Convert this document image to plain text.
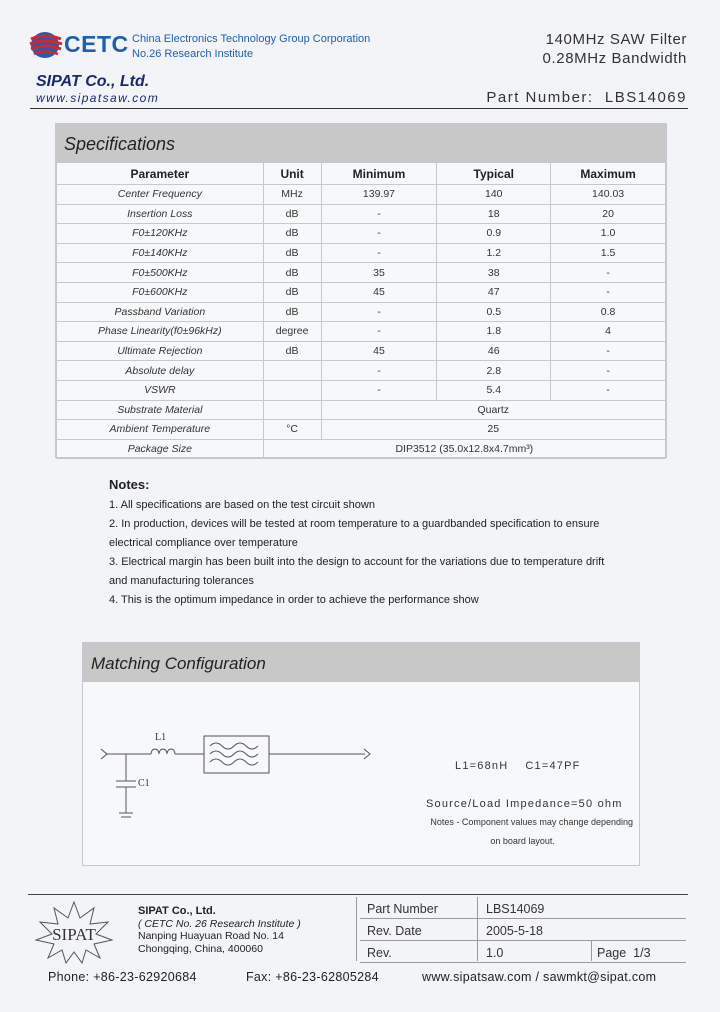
CETC China Electronics Technology Group Corporation
No.26 Research Institute
SIPAT Co., Ltd.
www.sipatsaw.com
140MHz SAW Filter
0.28MHz Bandwidth
Part Number: LBS14069
Specifications
Parameter	Unit	Minimum	Typical	Maximum
Center Frequency	MHz	139.97	140	140.03
Insertion Loss	dB	-	18	20
F0±120KHz	dB	-	0.9	1.0
F0±140KHz	dB	-	1.2	1.5
F0±500KHz	dB	35	38	-
F0±600KHz	dB	45	47	-
Passband Variation	dB	-	0.5	0.8
Phase Linearity(f0±96kHz)	degree	-	1.8	4
Ultimate Rejection	dB	45	46	-
Absolute delay		-	2.8	-
VSWR		-	5.4	-
Substrate Material		Quartz		
Ambient Temperature	°C	25		
Package Size	DIP3512 (35.0x12.8x4.7mm³)			
Notes:
1. All specifications are based on the test circuit shown
2. In production, devices will be tested at room temperature to a guardbanded specification to ensure
electrical compliance over temperature
3. Electrical margin has been built into the design to account for the variations due to temperature drift
and manufacturing tolerances
4. This is the optimum impedance in order to achieve the performance show
Matching Configuration
L1
C1
L1=68nH    C1=47PF
Source/Load Impedance=50 ohm
Notes - Component values may change depending
on board layout.
SIPAT
SIPAT Co., Ltd.
( CETC No. 26 Research Institute )
Nanping Huayuan Road No. 14
Chongqing, China, 400060
Part Number	LBS14069
Rev. Date	2005-5-18
Rev.	1.0	Page 1/3
Phone: +86-23-62920684	Fax: +86-23-62805284	www.sipatsaw.com / sawmkt@sipat.com
